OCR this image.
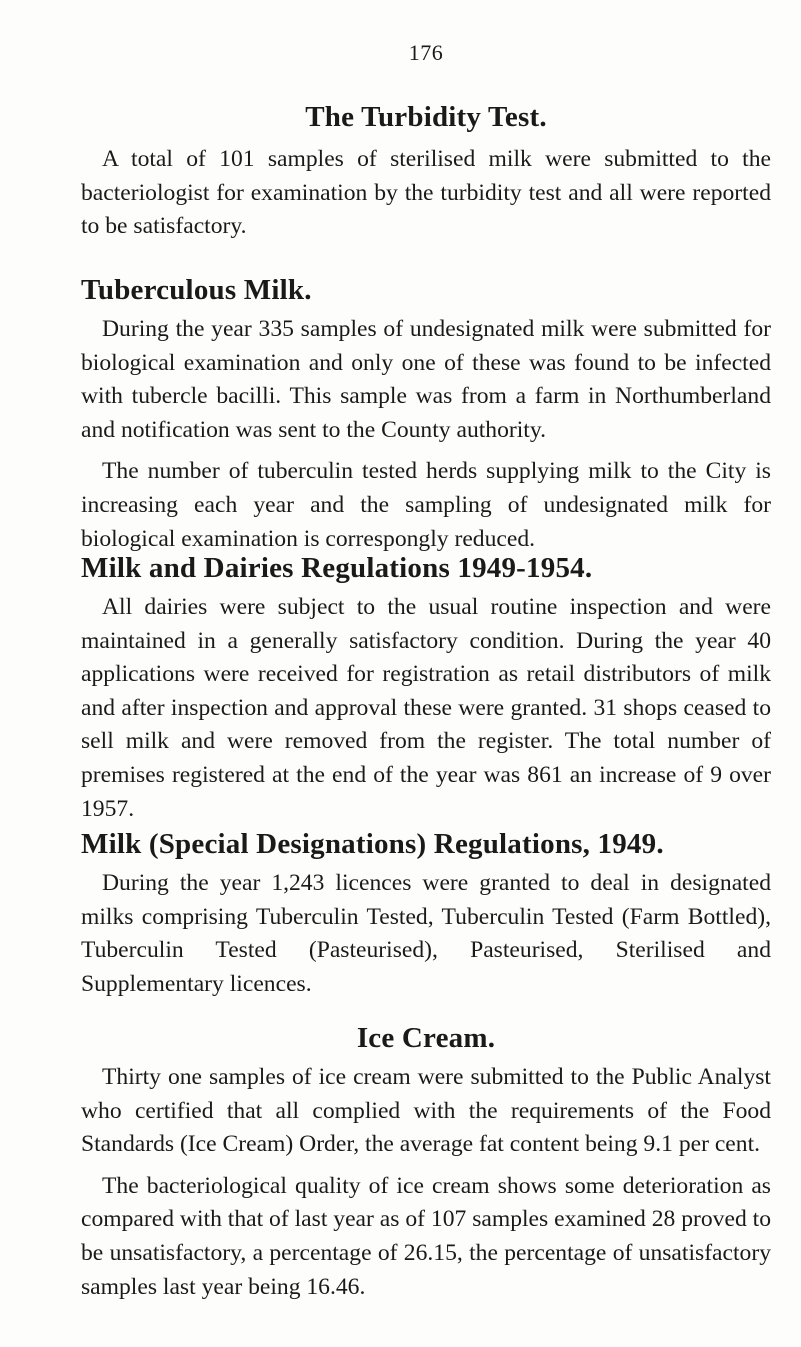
176
The Turbidity Test.

A total of 101 samples of sterilised milk were submitted to the bacteriologist for examination by the turbidity test and all were reported to be satisfactory.

Tuberculous Milk.

During the year 335 samples of undesignated milk were submitted for biological examination and only one of these was found to be infected with tubercle bacilli. This sample was from a farm in Northumberland and notification was sent to the County authority.

The number of tuberculin tested herds supplying milk to the City is increasing each year and the sampling of undesignated milk for biological examination is correspongly reduced.

Milk and Dairies Regulations 1949-1954.

All dairies were subject to the usual routine inspection and were maintained in a generally satisfactory condition. During the year 40 applications were received for registration as retail distributors of milk and after inspection and approval these were granted. 31 shops ceased to sell milk and were removed from the register. The total number of premises registered at the end of the year was 861 an increase of 9 over 1957.

Milk (Special Designations) Regulations, 1949.

During the year 1,243 licences were granted to deal in designated milks comprising Tuberculin Tested, Tuberculin Tested (Farm Bottled), Tuberculin Tested (Pasteurised), Pasteurised, Sterilised and Supplementary licences.

Ice Cream.

Thirty one samples of ice cream were submitted to the Public Analyst who certified that all complied with the requirements of the Food Standards (Ice Cream) Order, the average fat content being 9.1 per cent.

The bacteriological quality of ice cream shows some deterioration as compared with that of last year as of 107 samples examined 28 proved to be unsatisfactory, a percentage of 26.15, the percentage of unsatisfactory samples last year being 16.46.
